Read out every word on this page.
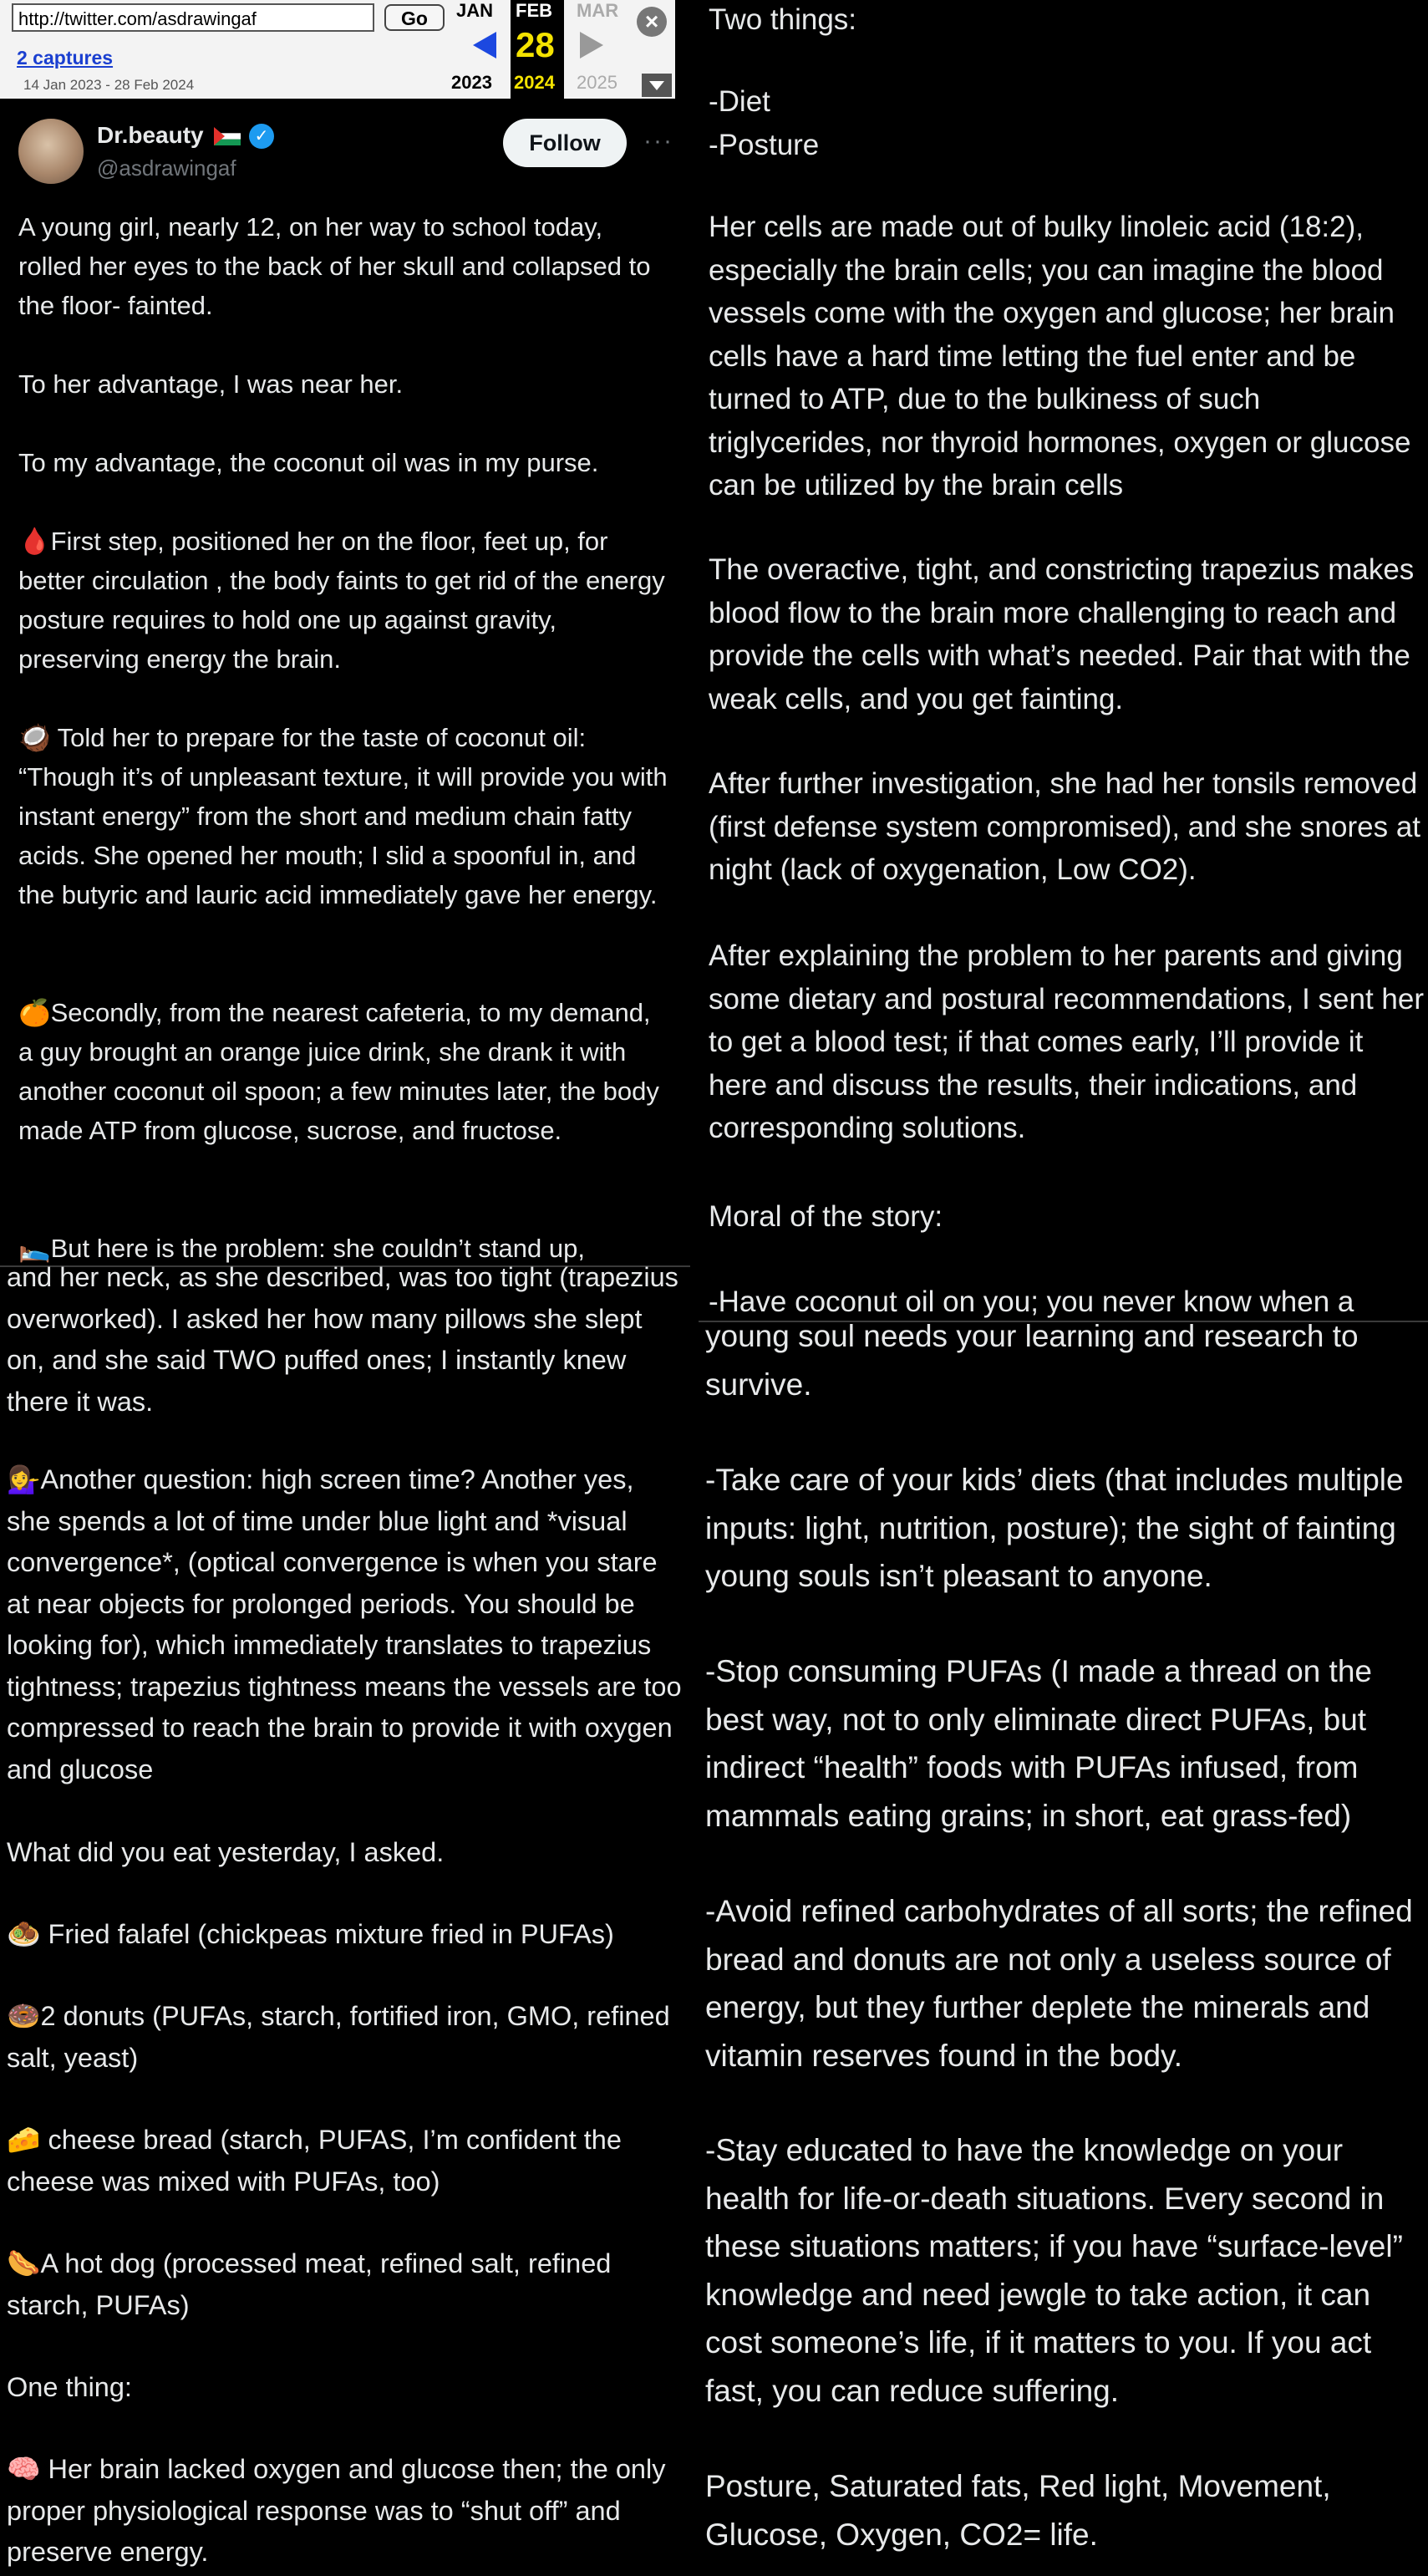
http://twitter.com/asdrawingaf	Go
2 captures
14 Jan 2023 - 28 Feb 2024
JAN FEB
28
2024
MAR
2023	2025
×
Dr.beauty	✓
@asdrawingaf
Follow	···

A young girl, nearly 12, on her way to school today, rolled her eyes to the back of her skull and collapsed to the floor- fainted.

To her advantage, I was near her.

To my advantage, the coconut oil was in my purse.

🩸First step, positioned her on the floor, feet up, for better circulation , the body faints to get rid of the energy posture requires to hold one up against gravity, preserving energy the brain.

🥥 Told her to prepare for the taste of coconut oil: “Though it’s of unpleasant texture, it will provide you with instant energy” from the short and medium chain fatty acids. She opened her mouth; I slid a spoonful in, and the butyric and lauric acid immediately gave her energy.

🍊Secondly, from the nearest cafeteria, to my demand, a guy brought an orange juice drink, she drank it with another coconut oil spoon; a few minutes later, the body made ATP from glucose, sucrose, and fructose.

🛌But here is the problem: she couldn’t stand up,

Two things:

-Diet
-Posture

Her cells are made out of bulky linoleic acid (18:2), especially the brain cells; you can imagine the blood vessels come with the oxygen and glucose; her brain cells have a hard time letting the fuel enter and be turned to ATP, due to the bulkiness of such triglycerides, nor thyroid hormones, oxygen or glucose can be utilized by the brain cells

The overactive, tight, and constricting trapezius makes blood flow to the brain more challenging to reach and provide the cells with what’s needed. Pair that with the weak cells, and you get fainting.

After further investigation, she had her tonsils removed (first defense system compromised), and she snores at night (lack of oxygenation, Low CO2).

After explaining the problem to her parents and giving some dietary and postural recommendations, I sent her to get a blood test; if that comes early, I’ll provide it here and discuss the results, their indications, and corresponding solutions.

Moral of the story:

-Have coconut oil on you; you never know when a

and her neck, as she described, was too tight (trapezius overworked). I asked her how many pillows she slept on, and she said TWO puffed ones; I instantly knew there it was.

💁‍♀️Another question: high screen time? Another yes, she spends a lot of time under blue light and *visual convergence*, (optical convergence is when you stare at near objects for prolonged periods. You should be looking for), which immediately translates to trapezius tightness; trapezius tightness means the vessels are too compressed to reach the brain to provide it with oxygen and glucose

What did you eat yesterday, I asked.

🧆 Fried falafel (chickpeas mixture fried in PUFAs)

🍩2 donuts (PUFAs, starch, fortified iron, GMO, refined salt, yeast)

🧀 cheese bread (starch, PUFAS, I’m confident the cheese was mixed with PUFAs, too)

🌭A hot dog (processed meat, refined salt, refined starch, PUFAs)

One thing:

🧠 Her brain lacked oxygen and glucose then; the only proper physiological response was to “shut off” and preserve energy.

young soul needs your learning and research to survive.

-Take care of your kids’ diets (that includes multiple inputs: light, nutrition, posture); the sight of fainting young souls isn’t pleasant to anyone.

-Stop consuming PUFAs (I made a thread on the best way, not to only eliminate direct PUFAs, but indirect “health” foods with PUFAs infused, from mammals eating grains; in short, eat grass-fed)

-Avoid refined carbohydrates of all sorts; the refined bread and donuts are not only a useless source of energy, but they further deplete the minerals and vitamin reserves found in the body.

-Stay educated to have the knowledge on your health for life-or-death situations. Every second in these situations matters; if you have “surface-level” knowledge and need jewgle to take action, it can cost someone’s life, if it matters to you. If you act fast, you can reduce suffering.

Posture, Saturated fats, Red light, Movement, Glucose, Oxygen, CO2= life.
